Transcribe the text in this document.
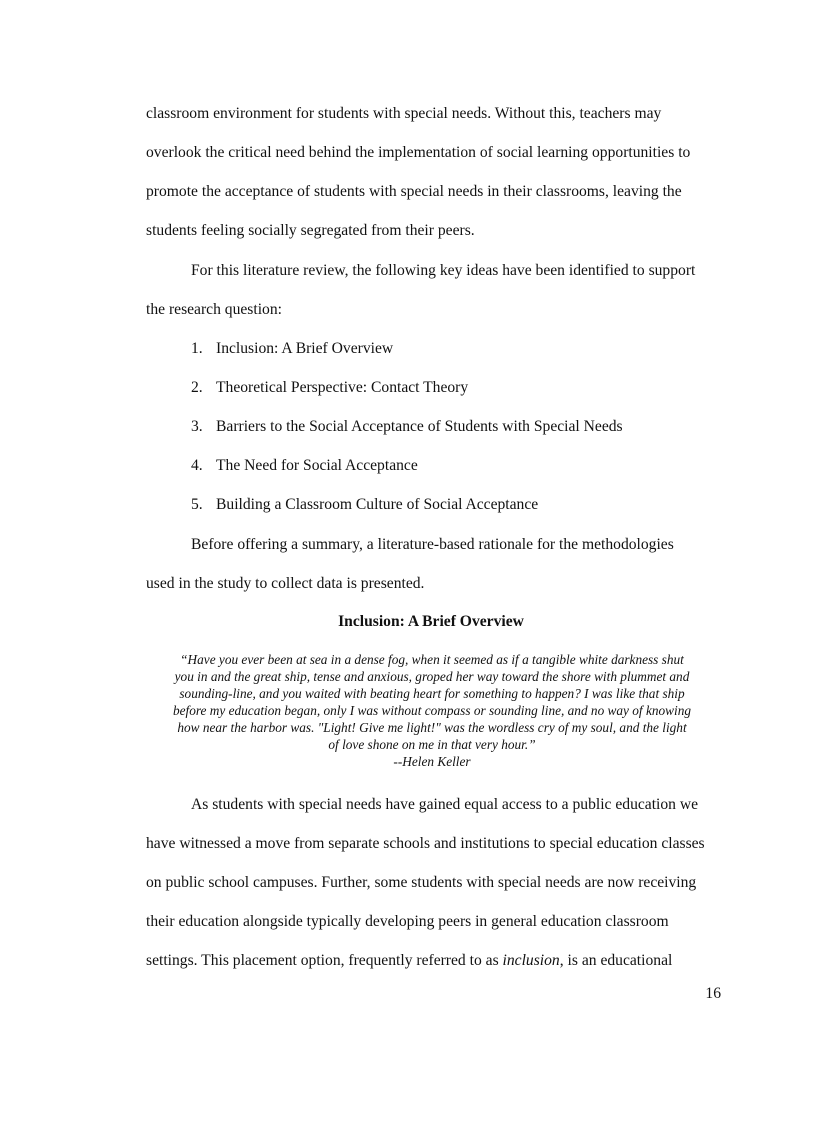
classroom environment for students with special needs. Without this, teachers may
overlook the critical need behind the implementation of social learning opportunities to
promote the acceptance of students with special needs in their classrooms, leaving the
students feeling socially segregated from their peers.
For this literature review, the following key ideas have been identified to support
the research question:
1. Inclusion: A Brief Overview
2. Theoretical Perspective: Contact Theory
3. Barriers to the Social Acceptance of Students with Special Needs
4. The Need for Social Acceptance
5. Building a Classroom Culture of Social Acceptance
Before offering a summary, a literature-based rationale for the methodologies
used in the study to collect data is presented.
Inclusion: A Brief Overview
“Have you ever been at sea in a dense fog, when it seemed as if a tangible white darkness shut
you in and the great ship, tense and anxious, groped her way toward the shore with plummet and
sounding-line, and you waited with beating heart for something to happen? I was like that ship
before my education began, only I was without compass or sounding line, and no way of knowing
how near the harbor was. "Light! Give me light!" was the wordless cry of my soul, and the light
of love shone on me in that very hour.”
--Helen Keller
As students with special needs have gained equal access to a public education we
have witnessed a move from separate schools and institutions to special education classes
on public school campuses. Further, some students with special needs are now receiving
their education alongside typically developing peers in general education classroom
settings. This placement option, frequently referred to as inclusion, is an educational
16
